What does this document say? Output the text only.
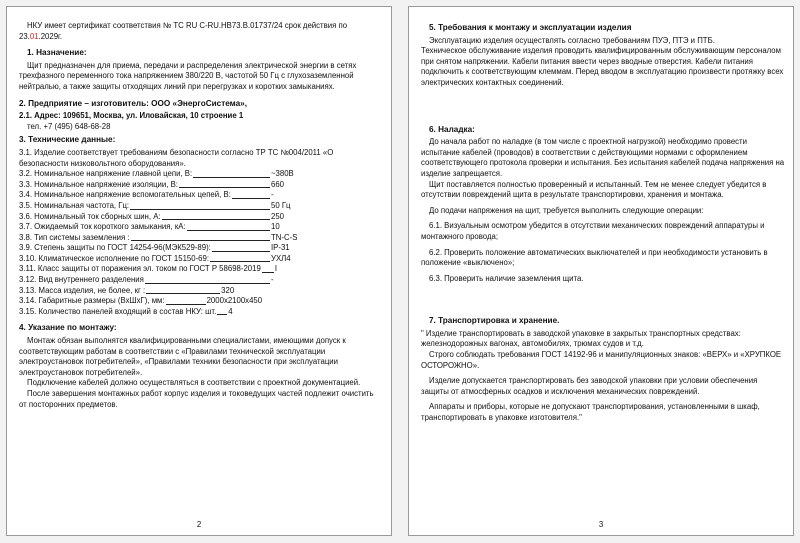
НКУ имеет сертификат соответствия № ТС RU C-RU.HB73.B.01737/24 срок действия по 23.01.2029г.

1. Назначение:

Щит предназначен для приема, передачи и распределения электрической энергии в сетях трехфазного переменного тока напряжением 380/220 В, частотой 50 Гц с глухозаземленной нейтралью, а также защиты отходящих линий при перегрузках и коротких замыканиях.

2. Предприятие – изготовитель: ООО «ЭнергоСистема»,

2.1. Адрес: 109651, Москва, ул. Иловайская, 10 строение 1

тел. +7 (495) 648-68-28

3. Технические данные:

3.1. Изделие соответствует требованиям безопасности согласно ТР ТС №004/2011 «О безопасности низковольтного оборудования».

3.2. Номинальное напряжение главной цепи, В:	~380В
3.3. Номинальное напряжение изоляции, В:	660
3.4. Номинальное напряжение вспомогательных цепей, В:	-
3.5. Номинальная частота, Гц:	50 Гц
3.6. Номинальный ток сборных шин, А:	250
3.7. Ожидаемый ток короткого замыкания, кА:	10
3.8. Тип системы заземления :	TN-C-S
3.9. Степень защиты по ГОСТ 14254-96(МЭК529-89):	IP-31
3.10. Климатическое исполнение по ГОСТ 15150-69:	УХЛ4
3.11. Класс защиты от поражения эл. током по ГОСТ Р 58698-2019 I
3.12. Вид внутреннего разделения	-
3.13. Масса изделия, не более, кг :	320
3.14. Габаритные размеры (ВхШхГ), мм:	2000х2100х450
3.15. Количество панелей входящий в состав НКУ: шт. 4

4. Указание по монтажу:

Монтаж обязан выполнятся квалифицированными специалистами, имеющими допуск к соответствующим работам в соответствии с «Правилами технической эксплуатации электроустановок потребителей», «Правилами техники безопасности при эксплуатации электроустановок потребителей».

Подключение кабелей должно осуществляться в соответствии с проектной документацией.

После завершения монтажных работ корпус изделия и токоведущих частей подлежит очистить от посторонних предметов.

2

5. Требования к монтажу и эксплуатации изделия

Эксплуатацию изделия осуществлять согласно требованиям ПУЭ, ПТЭ и ПТБ.

Техническое обслуживание изделия проводить квалифицированным обслуживающим персоналом при снятом напряжении. Кабели питания ввести через вводные отверстия. Кабели питания подключить к соответствующим клеммам. Перед вводом в эксплуатацию произвести протяжку всех электрических контактных соединений.

6. Наладка:

До начала работ по наладке (в том числе с проектной нагрузкой) необходимо провести испытание кабелей (проводов) в соответствии с действующими нормами с оформлением соответствующего протокола проверки и испытания. Без испытания кабелей подача напряжения на изделие запрещается.

Щит поставляется полностью проверенный и испытанный. Тем не менее следует убедится в отсутствии повреждений щита в результате транспортировки, хранения и монтажа.

До подачи напряжения на щит, требуется выполнить следующие операции:

6.1. Визуальным осмотром убедится в отсутствии механических повреждений аппаратуры и монтажного провода;

6.2. Проверить положение автоматических выключателей и при необходимости установить в положение «выключено»;

6.3. Проверить наличие заземления щита.

7. Транспортировка и хранение.

" Изделие транспортировать в заводской упаковке в закрытых транспортных средствах: железнодорожных вагонах, автомобилях, трюмах судов и т.д.

Строго соблюдать требования ГОСТ 14192-96 и манипуляционных знаков: «ВЕРХ» и «ХРУПКОЕ ОСТОРОЖНО».

Изделие допускается транспортировать без заводской упаковки при условии обеспечения защиты от атмосферных осадков и исключения механических повреждений.

Аппараты и приборы, которые не допускают транспортирования, установленными в шкаф, транспортировать в упаковке изготовителя."

3
